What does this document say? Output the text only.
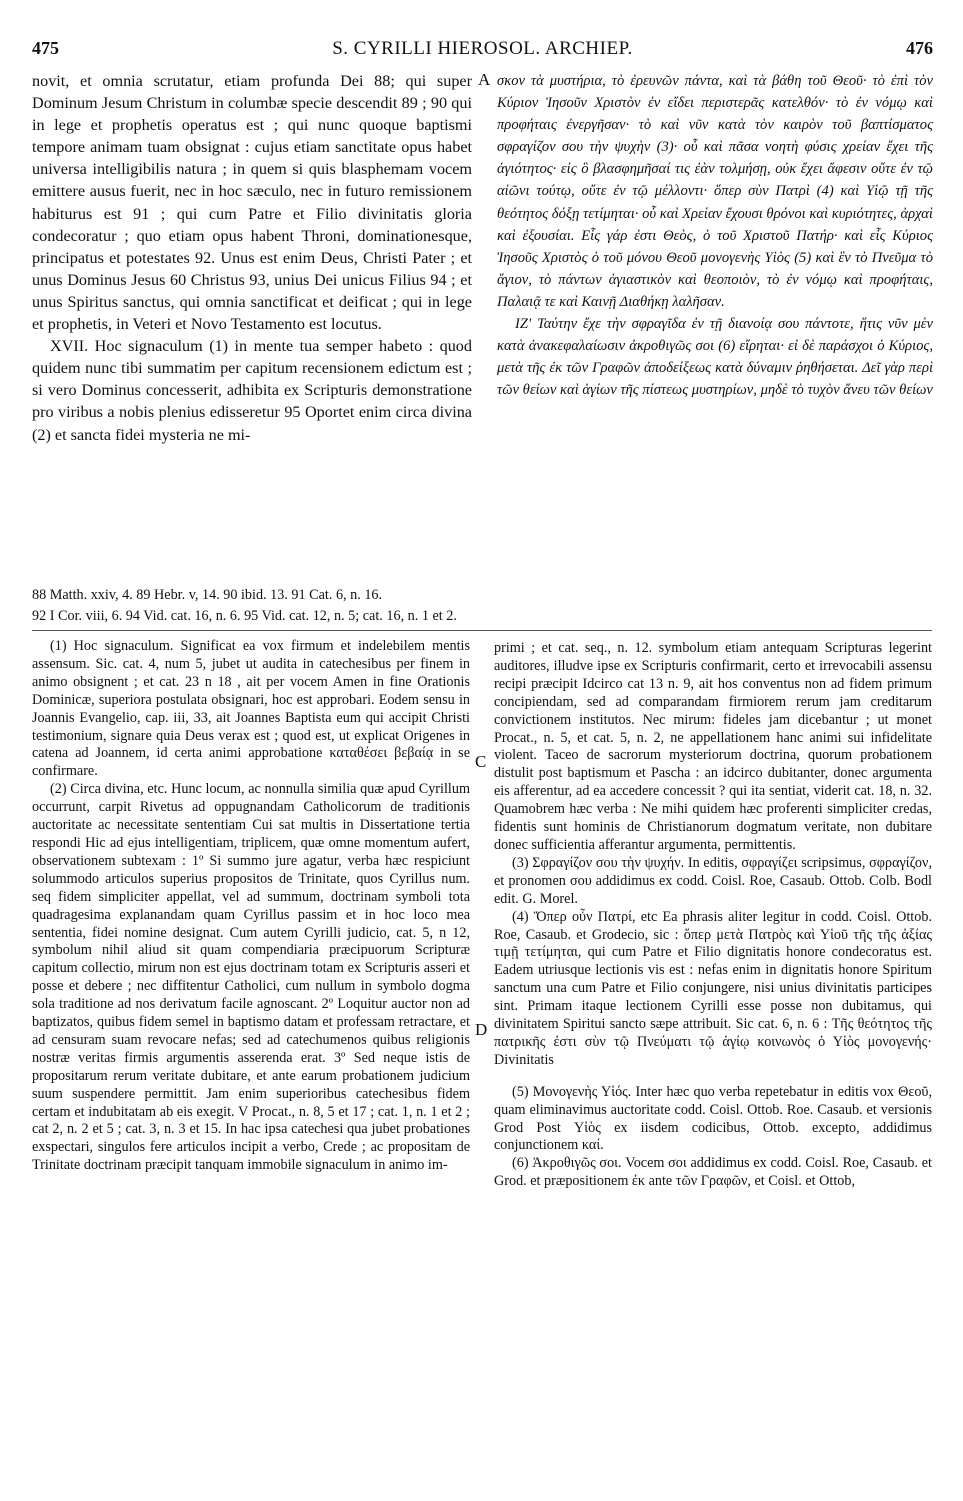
475	S. CYRILLI HIEROSOL. ARCHIEP.	476

novit, et omnia scrutatur, etiam profunda Dei 88; qui super Dominum Jesum Christum in columbæ specie descendit 89 ; 90 qui in lege et prophetis operatus est ; qui nunc quoque baptismi tempore animam tuam obsignat : cujus etiam sanctitate opus habet universa intelligibilis natura ; in quem si quis blasphemam vocem emittere ausus fuerit, nec in hoc sæculo, nec in futuro remissionem habiturus est 91 ; qui cum Patre et Filio divinitatis gloria condecoratur ; quo etiam opus habent Throni, dominationesque, principatus et potestates 92. Unus est enim Deus, Christi Pater ; et unus Dominus Jesus 60 Christus 93, unius Dei unicus Filius 94 ; et unus Spiritus sanctus, qui omnia sanctificat et deificat ; qui in lege et prophetis, in Veteri et Novo Testamento est locutus.

XVII. Hoc signaculum (1) in mente tua semper habeto : quod quidem nunc tibi summatim per capitum recensionem edictum est ; si vero Dominus concesserit, adhibita ex Scripturis demonstratione pro viribus a nobis plenius edisseretur 95 Oportet enim circa divina (2) et sancta fidei mysteria ne mi-

A σκον τὰ μυστήρια, τὸ ἐρευνῶν πάντα, καὶ τὰ βάθη τοῦ Θεοῦ· τὸ ἐπὶ τὸν Κύριον Ἰησοῦν Χριστὸν ἐν εἴδει περιστερᾶς κατελθόν· τὸ ἐν νόμῳ καὶ προφήταις ἐνεργῆσαν· τὸ καὶ νῦν κατὰ τὸν καιρὸν τοῦ βαπτίσματος σφραγίζον σου τὴν ψυχὴν (3)· οὗ καὶ πᾶσα νοητὴ φύσις χρείαν ἔχει τῆς ἁγιότητος· εἰς ὃ βλασφημῆσαί τις ἐὰν τολμήσῃ, οὐκ ἔχει ἄφεσιν οὔτε ἐν τῷ αἰῶνι τούτῳ, οὔτε ἐν τῷ μέλλοντι· ὅπερ σὺν Πατρὶ (4) καὶ Υἱῷ τῇ τῆς θεότητος δόξῃ τετίμηται· οὗ καὶ Χρείαν ἔχουσι θρόνοι καὶ κυριότητες, ἀρχαὶ καὶ ἐξουσίαι. Εἷς γάρ ἐστι Θεὸς, ὁ τοῦ Χριστοῦ Πατήρ· καὶ εἷς Κύριος Ἰησοῦς Χριστὸς ὁ τοῦ μόνου Θεοῦ μονογενὴς Υἱὸς (5) καὶ ἓν τὸ Πνεῦμα τὸ ἅγιον, τὸ πάντων ἁγιαστικὸν καὶ θεοποιὸν, τὸ ἐν νόμῳ καὶ προφήταις, Παλαιᾷ τε καὶ Καινῇ Διαθήκῃ λαλῆσαν.

ΙΖʹ Ταύτην ἔχε τὴν σφραγῖδα ἐν τῇ διανοίᾳ σου πάντοτε, ἥτις νῦν μὲν κατὰ ἀνακεφαλαίωσιν ἀκροθιγῶς σοι (6) εἴρηται· εἰ δὲ παράσχοι ὁ Κύριος, μετὰ τῆς ἐκ τῶν Γραφῶν ἀποδείξεως κατὰ δύναμιν ῥηθήσεται. Δεῖ γὰρ περὶ τῶν θείων καὶ ἁγίων τῆς πίστεως μυστηρίων, μηδὲ τὸ τυχὸν ἄνευ τῶν θείων

88 Matth. xxiv, 4. 89 Hebr. v, 14. 90 ibid. 13. 91 Cat. 6, n. 16.
92 I Cor. viii, 6. 94 Vid. cat. 16, n. 6. 95 Vid. cat. 12, n. 5; cat. 16, n. 1 et 2.

(1) Hoc signaculum. Significat ea vox firmum et indelebilem mentis assensum. Sic. cat. 4, num 5, jubet ut audita in catechesibus per finem in animo obsignent ; et cat. 23 n 18 , ait per vocem Amen in fine Orationis Dominicæ, superiora postulata obsignari, hoc est approbari. Eodem sensu in Joannis Evangelio, cap. iii, 33, ait Joannes Baptista eum qui accipit Christi testimonium, signare quia Deus verax est ; quod est, ut explicat Origenes in catena ad Joannem, id certa animi approbatione καταθέσει βεβαίᾳ in se confirmare.

(2) Circa divina, etc. Hunc locum, ac nonnulla similia quæ apud Cyrillum occurrunt, carpit Rivetus ad oppugnandam Catholicorum de traditionis auctoritate ac necessitate sententiam Cui sat multis in Dissertatione tertia respondi Hic ad ejus intelligentiam, triplicem, quæ omne momentum aufert, observationem subtexam : 1º Si summo jure agatur, verba hæc respiciunt solummodo articulos superius propositos de Trinitate, quos Cyrillus num. seq fidem simpliciter appellat, vel ad summum, doctrinam symboli tota quadragesima explanandam quam Cyrillus passim et in hoc loco mea sententia, fidei nomine designat. Cum autem Cyrilli judicio, cat. 5, n 12, symbolum nihil aliud sit quam compendiaria præcipuorum Scripturæ capitum collectio, mirum non est ejus doctrinam totam ex Scripturis asseri et posse et debere ; nec diffitentur Catholici, cum nullum in symbolo dogma sola traditione ad nos derivatum facile agnoscant. 2º Loquitur auctor non ad baptizatos, quibus fidem semel in baptismo datam et professam retractare, et ad censuram suam revocare nefas; sed ad catechumenos quibus religionis nostræ veritas firmis argumentis asserenda erat. 3º Sed neque istis de propositarum rerum veritate dubitare, et ante earum probationem judicium suum suspendere permittit. Jam enim superioribus catechesibus fidem certam et indubitatam ab eis exegit. V Procat., n. 8, 5 et 17 ; cat. 1, n. 1 et 2 ; cat 2, n. 2 et 5 ; cat. 3, n. 3 et 15. In hac ipsa catechesi qua jubet probationes exspectari, singulos fere articulos incipit a verbo, Crede ; ac propositam de Trinitate doctrinam præcipit tanquam immobile signaculum in animo im-

C
D

primi ; et cat. seq., n. 12. symbolum etiam antequam Scripturas legerint auditores, illudve ipse ex Scripturis confirmarit, certo et irrevocabili assensu recipi præcipit Idcirco cat 13 n. 9, ait hos conventus non ad fidem primum concipiendam, sed ad comparandam firmiorem rerum jam creditarum convictionem institutos. Nec mirum: fideles jam dicebantur ; ut monet Procat., n. 5, et cat. 5, n. 2, ne appellationem hanc animi sui infidelitate violent. Taceo de sacrorum mysteriorum doctrina, quorum probationem distulit post baptismum et Pascha : an idcirco dubitanter, donec argumenta eis afferentur, ad ea accedere concessit ? qui ita sentiat, viderit cat. 18, n. 32. Quamobrem hæc verba : Ne mihi quidem hæc proferenti simpliciter credas, fidentis sunt hominis de Christianorum dogmatum veritate, non dubitare donec sufficientia afferantur argumenta, permittentis.

(3) Σφραγίζον σου τὴν ψυχήν. In editis, σφραγίζει scripsimus, σφραγίζον, et pronomen σου addidimus ex codd. Coisl. Roe, Casaub. Ottob. Colb. Bodl edit. G. Morel.

(4) Ὅπερ οὖν Πατρί, etc Ea phrasis aliter legitur in codd. Coisl. Ottob. Roe, Casaub. et Grodecio, sic : ὅπερ μετὰ Πατρὸς καὶ Υἱοῦ τῆς τῆς ἀξίας τιμῇ τετίμηται, qui cum Patre et Filio dignitatis honore condecoratus est. Eadem utriusque lectionis vis est : nefas enim in dignitatis honore Spiritum sanctum una cum Patre et Filio conjungere, nisi unius divinitatis participes sint. Primam itaque lectionem Cyrilli esse posse non dubitamus, qui divinitatem Spiritui sancto sæpe attribuit. Sic cat. 6, n. 6 : Τῆς θεότητος τῆς πατρικῆς ἐστι σὺν τῷ Πνεύματι τῷ ἁγίῳ κοινωνὸς ὁ Υἱὸς μονογενής· Divinitatis

(5) Μονογενὴς Υἱός. Inter hæc quo verba repetebatur in editis vox Θεοῦ, quam eliminavimus auctoritate codd. Coisl. Ottob. Roe. Casaub. et versionis Grod Post Υἱὸς ex iisdem codicibus, Ottob. excepto, addidimus conjunctionem καί.

(6) Ἀκροθιγῶς σοι. Vocem σοι addidimus ex codd. Coisl. Roe, Casaub. et Grod. et præpositionem ἐκ ante τῶν Γραφῶν, et Coisl. et Ottob,
